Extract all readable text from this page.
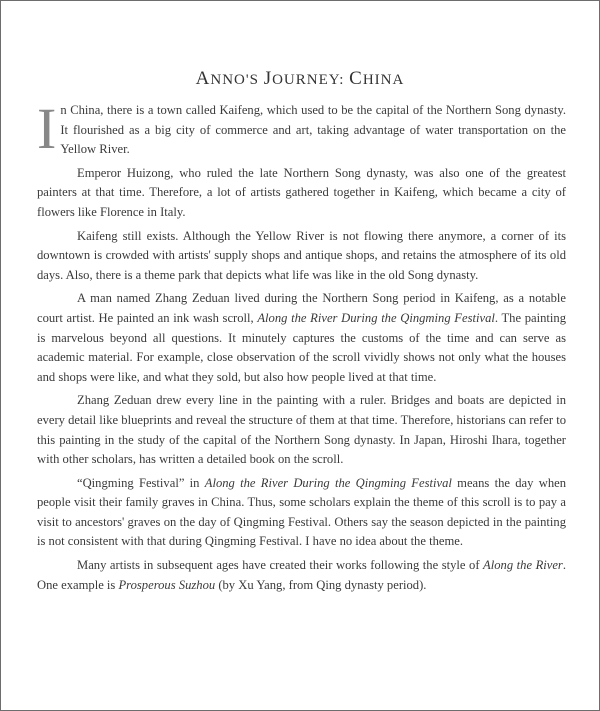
ANNO'S JOURNEY: CHINA

In China, there is a town called Kaifeng, which used to be the capital of the Northern Song dynasty. It flourished as a big city of commerce and art, taking advantage of water transportation on the Yellow River.

Emperor Huizong, who ruled the late Northern Song dynasty, was also one of the greatest painters at that time. Therefore, a lot of artists gathered together in Kaifeng, which became a city of flowers like Florence in Italy.

Kaifeng still exists. Although the Yellow River is not flowing there anymore, a corner of its downtown is crowded with artists' supply shops and antique shops, and retains the atmosphere of its old days. Also, there is a theme park that depicts what life was like in the old Song dynasty.

A man named Zhang Zeduan lived during the Northern Song period in Kaifeng, as a notable court artist. He painted an ink wash scroll, Along the River During the Qingming Festival. The painting is marvelous beyond all questions. It minutely captures the customs of the time and can serve as academic material. For example, close observation of the scroll vividly shows not only what the houses and shops were like, and what they sold, but also how people lived at that time.

Zhang Zeduan drew every line in the painting with a ruler. Bridges and boats are depicted in every detail like blueprints and reveal the structure of them at that time. Therefore, historians can refer to this painting in the study of the capital of the Northern Song dynasty. In Japan, Hiroshi Ihara, together with other scholars, has written a detailed book on the scroll.

“Qingming Festival” in Along the River During the Qingming Festival means the day when people visit their family graves in China. Thus, some scholars explain the theme of this scroll is to pay a visit to ancestors' graves on the day of Qingming Festival. Others say the season depicted in the painting is not consistent with that during Qingming Festival. I have no idea about the theme.

Many artists in subsequent ages have created their works following the style of Along the River. One example is Prosperous Suzhou (by Xu Yang, from Qing dynasty period).
